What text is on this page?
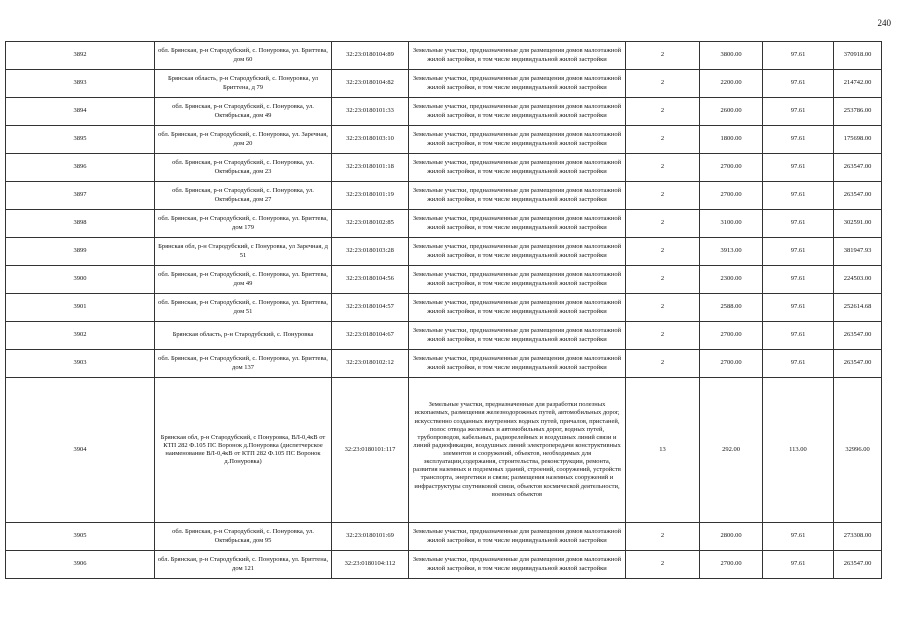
240
3892	обл. Брянская, р-н Стародубский, с. Понуровка, ул. Бриттева, дом 60	32:23:0180104:89	Земельные участки, предназначенные для размещения домов малоэтажной жилой застройки, в том числе индивидуальной жилой застройки	2	3800.00	97.61	370918.00
3893	Брянская область, р-н Стародубский, с. Понуровка, ул Бриттена, д 79	32:23:0180104:82	Земельные участки, предназначенные для размещения домов малоэтажной жилой застройки, в том числе индивидуальной жилой застройки	2	2200.00	97.61	214742.00
3894	обл. Брянская, р-н Стародубский, с. Понуровка, ул. Октябрьская, дом 49	32:23:0180101:33	Земельные участки, предназначенные для размещения домов малоэтажной жилой застройки, в том числе индивидуальной жилой застройки	2	2600.00	97.61	253786.00
3895	обл. Брянская, р-н Стародубский, с. Понуровка, ул. Заречная, дом 20	32:23:0180103:10	Земельные участки, предназначенные для размещения домов малоэтажной жилой застройки, в том числе индивидуальной жилой застройки	2	1800.00	97.61	175698.00
3896	обл. Брянская, р-н Стародубский, с. Понуровка, ул. Октябрьская, дом 23	32:23:0180101:18	Земельные участки, предназначенные для размещения домов малоэтажной жилой застройки, в том числе индивидуальной жилой застройки	2	2700.00	97.61	263547.00
3897	обл. Брянская, р-н Стародубский, с. Понуровка, ул. Октябрьская, дом 27	32:23:0180101:19	Земельные участки, предназначенные для размещения домов малоэтажной жилой застройки, в том числе индивидуальной жилой застройки	2	2700.00	97.61	263547.00
3898	обл. Брянская, р-н Стародубский, с. Понуровка, ул. Бриттева, дом 179	32:23:0180102:85	Земельные участки, предназначенные для размещения домов малоэтажной жилой застройки, в том числе индивидуальной жилой застройки	2	3100.00	97.61	302591.00
3899	Брянская обл, р-н Стародубский, с Понуровка, ул Заречная, д 51	32:23:0180103:28	Земельные участки, предназначенные для размещения домов малоэтажной жилой застройки, в том числе индивидуальной жилой застройки	2	3913.00	97.61	381947.93
3900	обл. Брянская, р-н Стародубский, с. Понуровка, ул. Бриттева, дом 49	32:23:0180104:56	Земельные участки, предназначенные для размещения домов малоэтажной жилой застройки, в том числе индивидуальной жилой застройки	2	2300.00	97.61	224503.00
3901	обл. Брянская, р-н Стародубский, с. Понуровка, ул. Бриттева, дом 51	32:23:0180104:57	Земельные участки, предназначенные для размещения домов малоэтажной жилой застройки, в том числе индивидуальной жилой застройки	2	2588.00	97.61	252614.68
3902	Брянская область, р-н Стародубский, с. Понуровка	32:23:0180104:67	Земельные участки, предназначенные для размещения домов малоэтажной жилой застройки, в том числе индивидуальной жилой застройки	2	2700.00	97.61	263547.00
3903	обл. Брянская, р-н Стародубский, с. Понуровка, ул. Бриттева, дом 137	32:23:0180102:12	Земельные участки, предназначенные для размещения домов малоэтажной жилой застройки, в том числе индивидуальной жилой застройки	2	2700.00	97.61	263547.00
3904	Брянская обл, р-н Стародубский, с Понуровка, ВЛ-0,4кВ от КТП 282 Ф.105 ПС Воронок д.Понуровка (диспетчерское наименование ВЛ-0,4кВ от КТП 282 Ф.105 ПС Воронок д.Понуровка)	32:23:0180101:117	Земельные участки, предназначенные для разработки полезных ископаемых, размещения железнодорожных путей, автомобильных дорог, искусственно созданных внутренних водных путей, причалов, пристаней, полос отвода железных и автомобильных дорог, водных путей, трубопроводов, кабельных, радиорелейных и воздушных линий связи и линий радиофикации, воздушных линий электропередачи конструктивных элементов и сооружений, объектов, необходимых для эксплуатации,содержания, строительства, реконструкции, ремонта, развития наземных и подземных зданий, строений, сооружений, устройств транспорта, энергетики и связи; размещения наземных сооружений и инфраструктуры спутниковой связи, объектов космической деятельности, военных объектов	13	292.00	113.00	32996.00
3905	обл. Брянская, р-н Стародубский, с. Понуровка, ул. Октябрьская, дом 95	32:23:0180101:69	Земельные участки, предназначенные для размещения домов малоэтажной жилой застройки, в том числе индивидуальной жилой застройки	2	2800.00	97.61	273308.00
3906	обл. Брянская, р-н Стародубский, с. Понуровка, ул. Бриттена, дом 121	32:23:0180104:112	Земельные участки, предназначенные для размещения домов малоэтажной жилой застройки, в том числе индивидуальной жилой застройки	2	2700.00	97.61	263547.00
